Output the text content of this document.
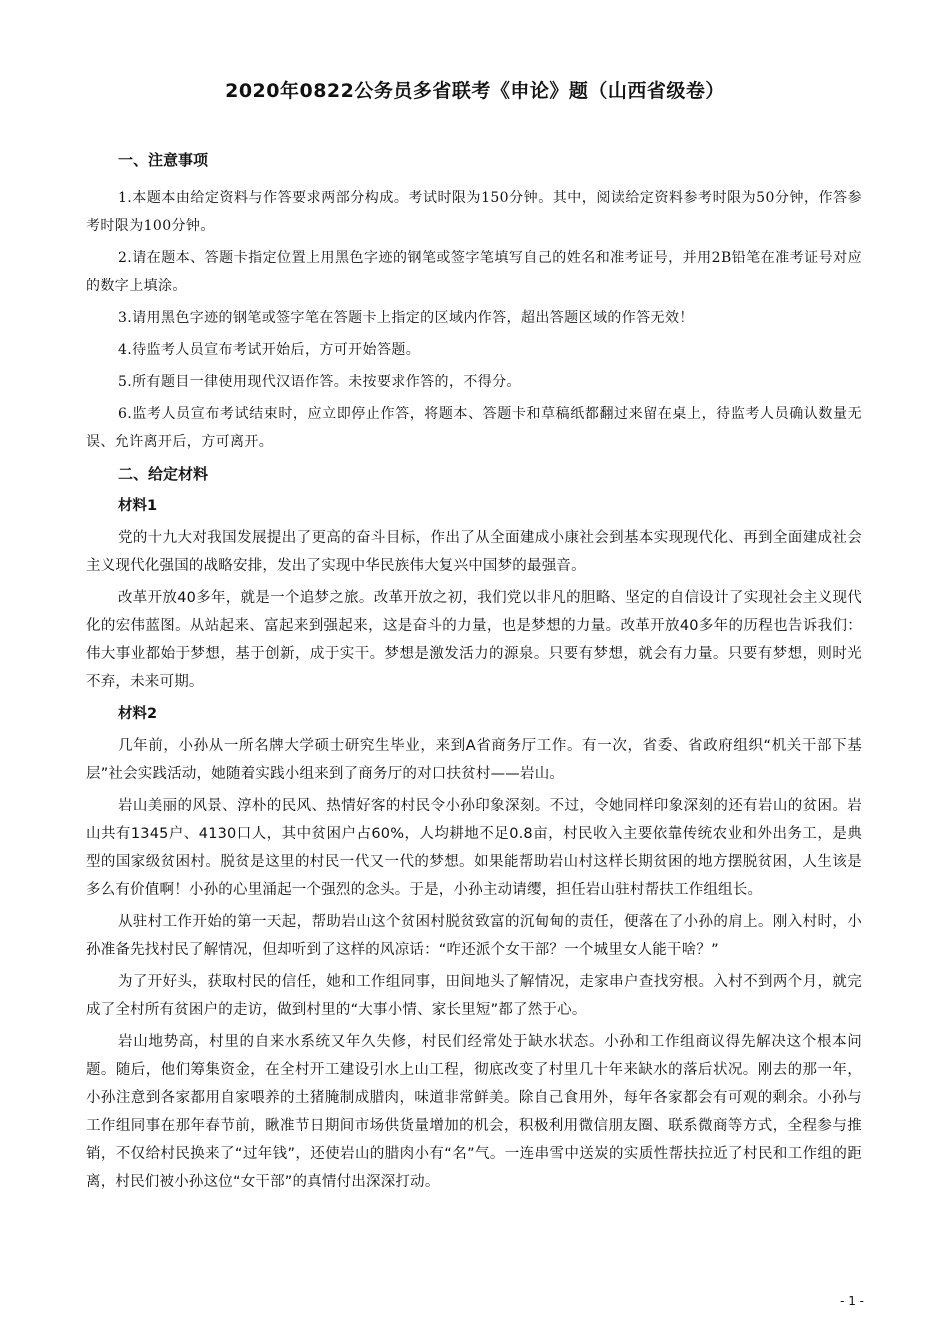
2020年0822公务员多省联考《申论》题（山西省级卷）
一、注意事项

1.本题本由给定资料与作答要求两部分构成。考试时限为150分钟。其中，阅读给定资料参考时限为50分钟，作答参考时限为100分钟。

2.请在题本、答题卡指定位置上用黑色字迹的钢笔或签字笔填写自己的姓名和准考证号，并用2B铅笔在准考证号对应的数字上填涂。

3.请用黑色字迹的钢笔或签字笔在答题卡上指定的区域内作答，超出答题区域的作答无效！

4.待监考人员宣布考试开始后，方可开始答题。

5.所有题目一律使用现代汉语作答。未按要求作答的，不得分。

6.监考人员宣布考试结束时，应立即停止作答，将题本、答题卡和草稿纸都翻过来留在桌上，待监考人员确认数量无误、允许离开后，方可离开。

二、给定材料
材料1

党的十九大对我国发展提出了更高的奋斗目标，作出了从全面建成小康社会到基本实现现代化、再到全面建成社会主义现代化强国的战略安排，发出了实现中华民族伟大复兴中国梦的最强音。

改革开放40多年，就是一个追梦之旅。改革开放之初，我们党以非凡的胆略、坚定的自信设计了实现社会主义现代化的宏伟蓝图。从站起来、富起来到强起来，这是奋斗的力量，也是梦想的力量。改革开放40多年的历程也告诉我们：伟大事业都始于梦想，基于创新，成于实干。梦想是激发活力的源泉。只要有梦想，就会有力量。只要有梦想，则时光不弃，未来可期。

材料2

几年前，小孙从一所名牌大学硕士研究生毕业，来到A省商务厅工作。有一次，省委、省政府组织“机关干部下基层”社会实践活动，她随着实践小组来到了商务厅的对口扶贫村——岩山。

岩山美丽的风景、淳朴的民风、热情好客的村民令小孙印象深刻。不过，令她同样印象深刻的还有岩山的贫困。岩山共有1345户、4130口人，其中贫困户占60%，人均耕地不足0.8亩，村民收入主要依靠传统农业和外出务工，是典型的国家级贫困村。脱贫是这里的村民一代又一代的梦想。如果能帮助岩山村这样长期贫困的地方摆脱贫困，人生该是多么有价值啊！小孙的心里涌起一个强烈的念头。于是，小孙主动请缨，担任岩山驻村帮扶工作组组长。

从驻村工作开始的第一天起，帮助岩山这个贫困村脱贫致富的沉甸甸的责任，便落在了小孙的肩上。刚入村时，小孙准备先找村民了解情况，但却听到了这样的风凉话：“咋还派个女干部？一个城里女人能干啥？”

为了开好头，获取村民的信任，她和工作组同事，田间地头了解情况，走家串户查找穷根。入村不到两个月，就完成了全村所有贫困户的走访，做到村里的“大事小情、家长里短”都了然于心。

岩山地势高，村里的自来水系统又年久失修，村民们经常处于缺水状态。小孙和工作组商议得先解决这个根本问题。随后，他们筹集资金，在全村开工建设引水上山工程，彻底改变了村里几十年来缺水的落后状况。刚去的那一年，小孙注意到各家都用自家喂养的土猪腌制成腊肉，味道非常鲜美。除自己食用外，每年各家都会有可观的剩余。小孙与工作组同事在那年春节前，瞅准节日期间市场供货量增加的机会，积极利用微信朋友圈、联系微商等方式，全程参与推销，不仅给村民换来了“过年钱”，还使岩山的腊肉小有“名”气。一连串雪中送炭的实质性帮扶拉近了村民和工作组的距离，村民们被小孙这位“女干部”的真情付出深深打动。

- 1 -
